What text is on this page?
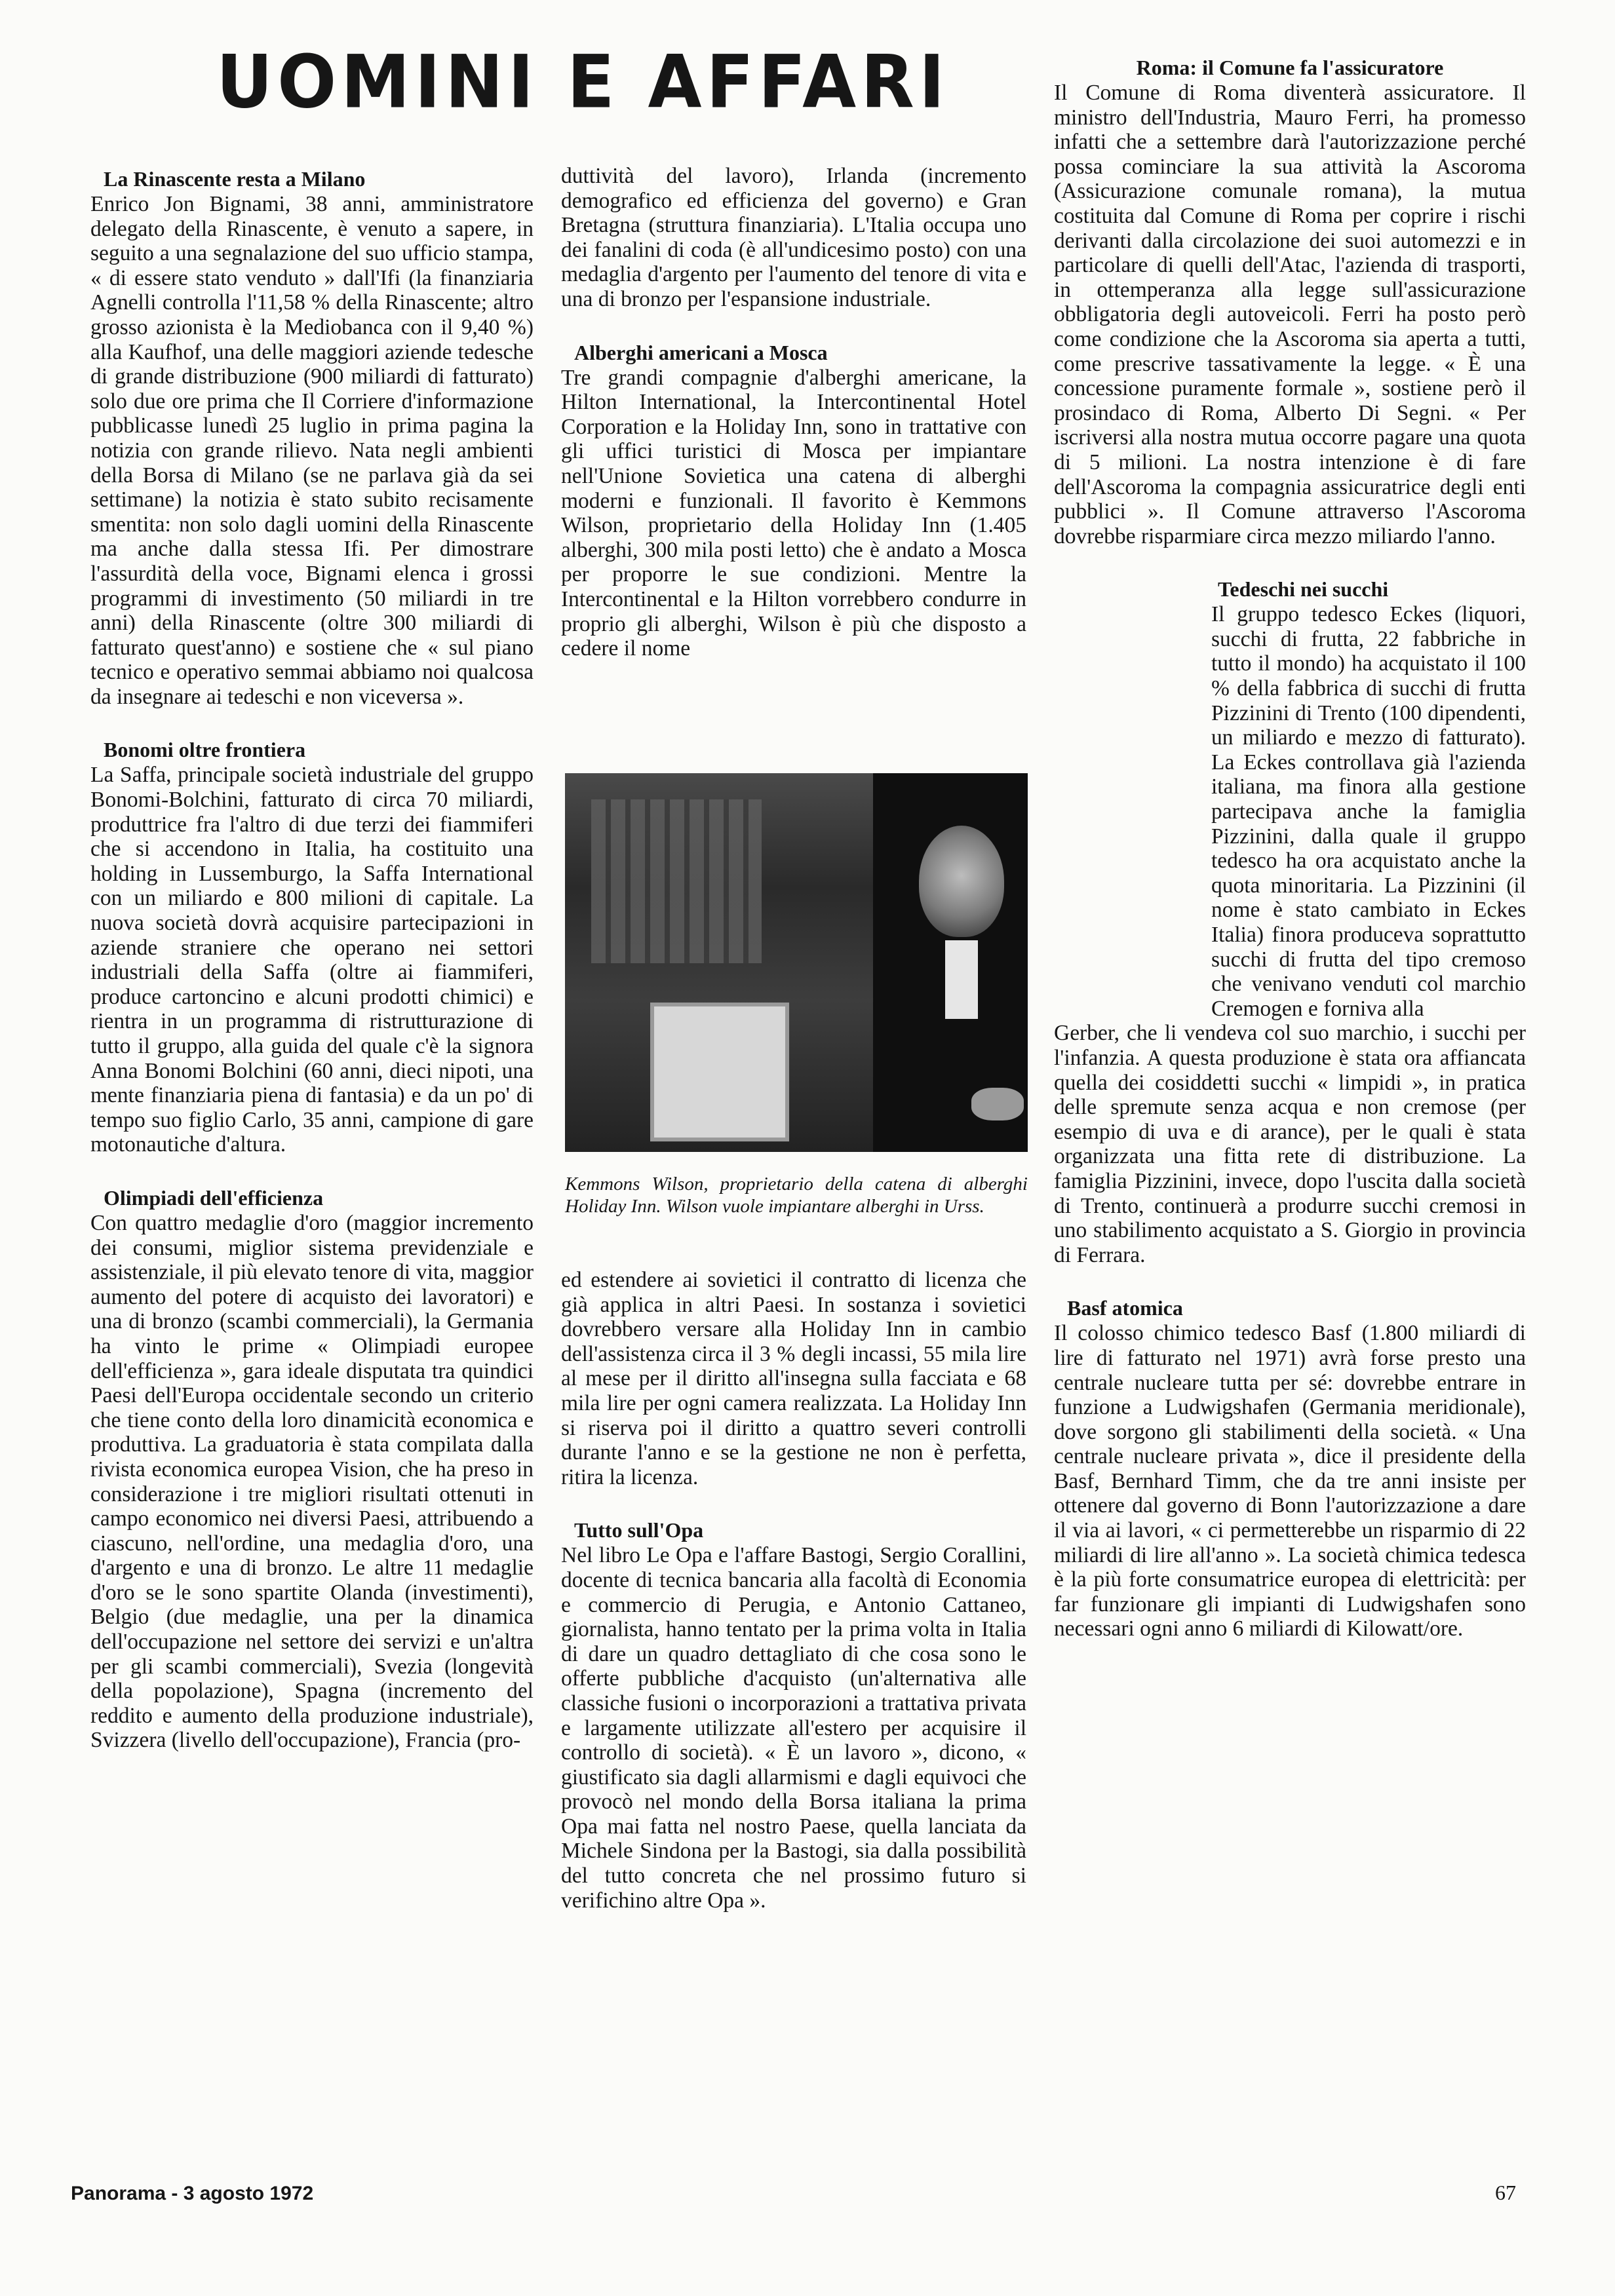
UOMINI E AFFARI
La Rinascente resta a Milano

Enrico Jon Bignami, 38 anni, amministratore delegato della Rinascente, è venuto a sapere, in seguito a una segnalazione del suo ufficio stampa, « di essere stato venduto » dall'Ifi (la finanziaria Agnelli controlla l'11,58 % della Rinascente; altro grosso azionista è la Mediobanca con il 9,40 %) alla Kaufhof, una delle maggiori aziende tedesche di grande distribuzione (900 miliardi di fatturato) solo due ore prima che Il Corriere d'informazione pubblicasse lunedì 25 luglio in prima pagina la notizia con grande rilievo. Nata negli ambienti della Borsa di Milano (se ne parlava già da sei settimane) la notizia è stato subito recisamente smentita: non solo dagli uomini della Rinascente ma anche dalla stessa Ifi. Per dimostrare l'assurdità della voce, Bignami elenca i grossi programmi di investimento (50 miliardi in tre anni) della Rinascente (oltre 300 miliardi di fatturato quest'anno) e sostiene che « sul piano tecnico e operativo semmai abbiamo noi qualcosa da insegnare ai tedeschi e non viceversa ».

Bonomi oltre frontiera

La Saffa, principale società industriale del gruppo Bonomi-Bolchini, fatturato di circa 70 miliardi, produttrice fra l'altro di due terzi dei fiammiferi che si accendono in Italia, ha costituito una holding in Lussemburgo, la Saffa International con un miliardo e 800 milioni di capitale. La nuova società dovrà acquisire partecipazioni in aziende straniere che operano nei settori industriali della Saffa (oltre ai fiammiferi, produce cartoncino e alcuni prodotti chimici) e rientra in un programma di ristrutturazione di tutto il gruppo, alla guida del quale c'è la signora Anna Bonomi Bolchini (60 anni, dieci nipoti, una mente finanziaria piena di fantasia) e da un po' di tempo suo figlio Carlo, 35 anni, campione di gare motonautiche d'altura.

Olimpiadi dell'efficienza

Con quattro medaglie d'oro (maggior incremento dei consumi, miglior sistema previdenziale e assistenziale, il più elevato tenore di vita, maggior aumento del potere di acquisto dei lavoratori) e una di bronzo (scambi commerciali), la Germania ha vinto le prime « Olimpiadi europee dell'efficienza », gara ideale disputata tra quindici Paesi dell'Europa occidentale secondo un criterio che tiene conto della loro dinamicità economica e produttiva. La graduatoria è stata compilata dalla rivista economica europea Vision, che ha preso in considerazione i tre migliori risultati ottenuti in campo economico nei diversi Paesi, attribuendo a ciascuno, nell'ordine, una medaglia d'oro, una d'argento e una di bronzo. Le altre 11 medaglie d'oro se le sono spartite Olanda (investimenti), Belgio (due medaglie, una per la dinamica dell'occupazione nel settore dei servizi e un'altra per gli scambi commerciali), Svezia (longevità della popolazione), Spagna (incremento del reddito e aumento della produzione industriale), Svizzera (livello dell'occupazione), Francia (pro-

duttività del lavoro), Irlanda (incremento demografico ed efficienza del governo) e Gran Bretagna (struttura finanziaria). L'Italia occupa uno dei fanalini di coda (è all'undicesimo posto) con una medaglia d'argento per l'aumento del tenore di vita e una di bronzo per l'espansione industriale.

Alberghi americani a Mosca

Tre grandi compagnie d'alberghi americane, la Hilton International, la Intercontinental Hotel Corporation e la Holiday Inn, sono in trattative con gli uffici turistici di Mosca per impiantare nell'Unione Sovietica una catena di alberghi moderni e funzionali. Il favorito è Kemmons Wilson, proprietario della Holiday Inn (1.405 alberghi, 300 mila posti letto) che è andato a Mosca per proporre le sue condizioni. Mentre la Intercontinental e la Hilton vorrebbero condurre in proprio gli alberghi, Wilson è più che disposto a cedere il nome

Kemmons Wilson, proprietario della catena di alberghi Holiday Inn. Wilson vuole impiantare alberghi in Urss.

ed estendere ai sovietici il contratto di licenza che già applica in altri Paesi. In sostanza i sovietici dovrebbero versare alla Holiday Inn in cambio dell'assistenza circa il 3 % degli incassi, 55 mila lire al mese per il diritto all'insegna sulla facciata e 68 mila lire per ogni camera realizzata. La Holiday Inn si riserva poi il diritto a quattro severi controlli durante l'anno e se la gestione ne non è perfetta, ritira la licenza.

Tutto sull'Opa

Nel libro Le Opa e l'affare Bastogi, Sergio Corallini, docente di tecnica bancaria alla facoltà di Economia e commercio di Perugia, e Antonio Cattaneo, giornalista, hanno tentato per la prima volta in Italia di dare un quadro dettagliato di che cosa sono le offerte pubbliche d'acquisto (un'alternativa alle classiche fusioni o incorporazioni a trattativa privata e largamente utilizzate all'estero per acquisire il controllo di società). « È un lavoro », dicono, « giustificato sia dagli allarmismi e dagli equivoci che provocò nel mondo della Borsa italiana la prima Opa mai fatta nel nostro Paese, quella lanciata da Michele Sindona per la Bastogi, sia dalla possibilità del tutto concreta che nel prossimo futuro si verifichino altre Opa ».

Roma: il Comune fa l'assicuratore

Il Comune di Roma diventerà assicuratore. Il ministro dell'Industria, Mauro Ferri, ha promesso infatti che a settembre darà l'autorizzazione perché possa cominciare la sua attività la Ascoroma (Assicurazione comunale romana), la mutua costituita dal Comune di Roma per coprire i rischi derivanti dalla circolazione dei suoi automezzi e in particolare di quelli dell'Atac, l'azienda di trasporti, in ottemperanza alla legge sull'assicurazione obbligatoria degli autoveicoli. Ferri ha posto però come condizione che la Ascoroma sia aperta a tutti, come prescrive tassativamente la legge. « È una concessione puramente formale », sostiene però il prosindaco di Roma, Alberto Di Segni. « Per iscriversi alla nostra mutua occorre pagare una quota di 5 milioni. La nostra intenzione è di fare dell'Ascoroma la compagnia assicuratrice degli enti pubblici ». Il Comune attraverso l'Ascoroma dovrebbe risparmiare circa mezzo miliardo l'anno.

Tedeschi nei succhi

Il gruppo tedesco Eckes (liquori, succhi di frutta, 22 fabbriche in tutto il mondo) ha acquistato il 100 % della fabbrica di succhi di frutta Pizzinini di Trento (100 dipendenti, un miliardo e mezzo di fatturato). La Eckes controllava già l'azienda italiana, ma finora alla gestione partecipava anche la famiglia Pizzinini, dalla quale il gruppo tedesco ha ora acquistato anche la quota minoritaria. La Pizzinini (il nome è stato cambiato in Eckes Italia) finora produceva soprattutto succhi di frutta del tipo cremoso che venivano venduti col marchio Cremogen e forniva alla

Gerber, che li vendeva col suo marchio, i succhi per l'infanzia. A questa produzione è stata ora affiancata quella dei cosiddetti succhi « limpidi », in pratica delle spremute senza acqua e non cremose (per esempio di uva e di arance), per le quali è stata organizzata una fitta rete di distribuzione. La famiglia Pizzinini, invece, dopo l'uscita dalla società di Trento, continuerà a produrre succhi cremosi in uno stabilimento acquistato a S. Giorgio in provincia di Ferrara.

Basf atomica

Il colosso chimico tedesco Basf (1.800 miliardi di lire di fatturato nel 1971) avrà forse presto una centrale nucleare tutta per sé: dovrebbe entrare in funzione a Ludwigshafen (Germania meridionale), dove sorgono gli stabilimenti della società. « Una centrale nucleare privata », dice il presidente della Basf, Bernhard Timm, che da tre anni insiste per ottenere dal governo di Bonn l'autorizzazione a dare il via ai lavori, « ci permetterebbe un risparmio di 22 miliardi di lire all'anno ». La società chimica tedesca è la più forte consumatrice europea di elettricità: per far funzionare gli impianti di Ludwigshafen sono necessari ogni anno 6 miliardi di Kilowatt/ore.

Panorama - 3 agosto 1972	67
